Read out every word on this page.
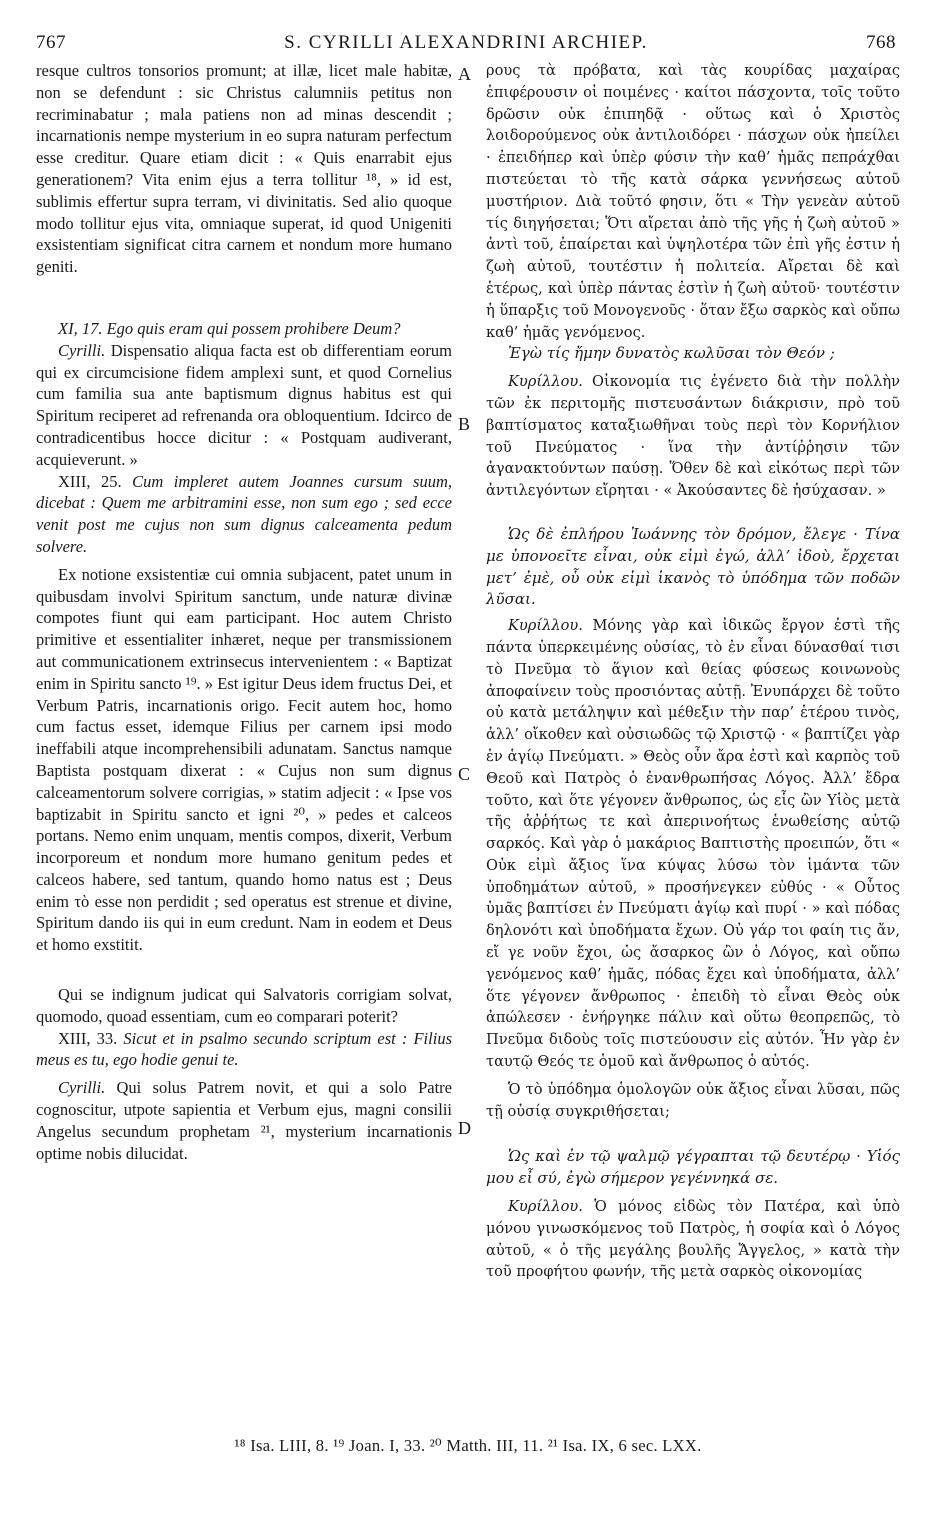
767	S. CYRILLI ALEXANDRINI ARCHIEP.	768
A
B
C
D

resque cultros tonsorios promunt; at illæ, licet male habitæ, non se defendunt : sic Christus calumniis petitus non recriminabatur ; mala patiens non ad minas descendit ; incarnationis nempe mysterium in eo supra naturam perfectum esse creditur. Quare etiam dicit : « Quis enarrabit ejus generationem? Vita enim ejus a terra tollitur ¹⁸, » id est, sublimis effertur supra terram, vi divinitatis. Sed alio quoque modo tollitur ejus vita, omniaque superat, id quod Unigeniti exsistentiam significat citra carnem et nondum more humano geniti.

XI, 17. Ego quis eram qui possem prohibere Deum?

Cyrilli. Dispensatio aliqua facta est ob differentiam eorum qui ex circumcisione fidem amplexi sunt, et quod Cornelius cum familia sua ante baptismum dignus habitus est qui Spiritum reciperet ad refrenanda ora obloquentium. Idcirco de contradicentibus hocce dicitur : « Postquam audiverant, acquieverunt. »

XIII, 25. Cum impleret autem Joannes cursum suum, dicebat : Quem me arbitramini esse, non sum ego ; sed ecce venit post me cujus non sum dignus calceamenta pedum solvere.

Ex notione exsistentiæ cui omnia subjacent, patet unum in quibusdam involvi Spiritum sanctum, unde naturæ divinæ compotes fiunt qui eam participant. Hoc autem Christo primitive et essentialiter inhæret, neque per transmissionem aut communicationem extrinsecus intervenientem : « Baptizat enim in Spiritu sancto ¹⁹. » Est igitur Deus idem fructus Dei, et Verbum Patris, incarnationis origo. Fecit autem hoc, homo cum factus esset, idemque Filius per carnem ipsi modo ineffabili atque incomprehensibili adunatam. Sanctus namque Baptista postquam dixerat : « Cujus non sum dignus calceamentorum solvere corrigias, » statim adjecit : « Ipse vos baptizabit in Spiritu sancto et igni ²⁰, » pedes et calceos portans. Nemo enim unquam, mentis compos, dixerit, Verbum incorporeum et nondum more humano genitum pedes et calceos habere, sed tantum, quando homo natus est ; Deus enim τὸ esse non perdidit ; sed operatus est strenue et divine, Spiritum dando iis qui in eum credunt. Nam in eodem et Deus et homo exstitit.

Qui se indignum judicat qui Salvatoris corrigiam solvat, quomodo, quoad essentiam, cum eo comparari poterit?

XIII, 33. Sicut et in psalmo secundo scriptum est : Filius meus es tu, ego hodie genui te.

Cyrilli. Qui solus Patrem novit, et qui a solo Patre cognoscitur, utpote sapientia et Verbum ejus, magni consilii Angelus secundum prophetam ²¹, mysterium incarnationis optime nobis dilucidat.

ρους τὰ πρόβατα, καὶ τὰς κουρίδας μαχαίρας ἐπιφέρουσιν οἱ ποιμένες · καίτοι πάσχοντα, τοῖς τοῦτο δρῶσιν οὐκ ἐπιπηδᾷ · οὕτως καὶ ὁ Χριστὸς λοιδορούμενος οὐκ ἀντιλοιδόρει · πάσχων οὐκ ἠπείλει · ἐπειδήπερ καὶ ὑπὲρ φύσιν τὴν καθ’ ἡμᾶς πεπράχθαι πιστεύεται τὸ τῆς κατὰ σάρκα γεννήσεως αὐτοῦ μυστήριον. Διὰ τοῦτό φησιν, ὅτι « Τὴν γενεὰν αὐτοῦ τίς διηγήσεται; Ὅτι αἴρεται ἀπὸ τῆς γῆς ἡ ζωὴ αὐτοῦ » ἀντὶ τοῦ, ἐπαίρεται καὶ ὑψηλοτέρα τῶν ἐπὶ γῆς ἐστιν ἡ ζωὴ αὐτοῦ, τουτέστιν ἡ πολιτεία. Αἴρεται δὲ καὶ ἑτέρως, καὶ ὑπὲρ πάντας ἐστὶν ἡ ζωὴ αὐτοῦ· τουτέστιν ἡ ὕπαρξις τοῦ Μονογενοῦς · ὅταν ἔξω σαρκὸς καὶ οὔπω καθ’ ἡμᾶς γενόμενος.

Ἐγὼ τίς ἤμην δυνατὸς κωλῦσαι τὸν Θεόν ;

Κυρίλλου. Οἰκονομία τις ἐγένετο διὰ τὴν πολλὴν τῶν ἐκ περιτομῆς πιστευσάντων διάκρισιν, πρὸ τοῦ βαπτίσματος καταξιωθῆναι τοὺς περὶ τὸν Κορνήλιον τοῦ Πνεύματος · ἵνα τὴν ἀντίῤῥησιν τῶν ἀγανακτούντων παύσῃ. Ὅθεν δὲ καὶ εἰκότως περὶ τῶν ἀντιλεγόντων εἴρηται · « Ἀκούσαντες δὲ ἡσύχασαν. »

Ὡς δὲ ἐπλήρου Ἰωάννης τὸν δρόμον, ἔλεγε · Τίνα με ὑπονοεῖτε εἶναι, οὐκ εἰμὶ ἐγώ, ἀλλ’ ἰδοὺ, ἔρχεται μετ’ ἐμὲ, οὗ οὐκ εἰμὶ ἱκανὸς τὸ ὑπόδημα τῶν ποδῶν λῦσαι.

Κυρίλλου. Μόνης γὰρ καὶ ἰδικῶς ἔργον ἐστὶ τῆς πάντα ὑπερκειμένης οὐσίας, τὸ ἐν εἶναι δύνασθαί τισι τὸ Πνεῦμα τὸ ἅγιον καὶ θείας φύσεως κοινωνοὺς ἀποφαίνειν τοὺς προσιόντας αὐτῇ. Ἐνυπάρχει δὲ τοῦτο οὐ κατὰ μετάληψιν καὶ μέθεξιν τὴν παρ’ ἑτέρου τινὸς, ἀλλ’ οἴκοθεν καὶ οὐσιωδῶς τῷ Χριστῷ · « βαπτίζει γὰρ ἐν ἁγίῳ Πνεύματι. » Θεὸς οὖν ἄρα ἐστὶ καὶ καρπὸς τοῦ Θεοῦ καὶ Πατρὸς ὁ ἐνανθρωπήσας Λόγος. Ἀλλ’ ἔδρα τοῦτο, καὶ ὅτε γέγονεν ἄνθρωπος, ὡς εἷς ὢν Υἱὸς μετὰ τῆς ἀῤῥήτως τε καὶ ἀπερινοήτως ἑνωθείσης αὐτῷ σαρκός. Καὶ γὰρ ὁ μακάριος Βαπτιστὴς προειπών, ὅτι « Οὐκ εἰμὶ ἄξιος ἵνα κύψας λύσω τὸν ἱμάντα τῶν ὑποδημάτων αὐτοῦ, » προσήνεγκεν εὐθύς · « Οὗτος ὑμᾶς βαπτίσει ἐν Πνεύματι ἁγίῳ καὶ πυρί · » καὶ πόδας δηλονότι καὶ ὑποδήματα ἔχων. Οὐ γάρ τοι φαίη τις ἄν, εἴ γε νοῦν ἔχοι, ὡς ἄσαρκος ὢν ὁ Λόγος, καὶ οὔπω γενόμενος καθ’ ἡμᾶς, πόδας ἔχει καὶ ὑποδήματα, ἀλλ’ ὅτε γέγονεν ἄνθρωπος · ἐπειδὴ τὸ εἶναι Θεὸς οὐκ ἀπώλεσεν · ἐνήργηκε πάλιν καὶ οὕτω θεοπρεπῶς, τὸ Πνεῦμα διδοὺς τοῖς πιστεύουσιν εἰς αὐτόν. Ἦν γὰρ ἐν ταυτῷ Θεός τε ὁμοῦ καὶ ἄνθρωπος ὁ αὐτός.

Ὁ τὸ ὑπόδημα ὁμολογῶν οὐκ ἄξιος εἶναι λῦσαι, πῶς τῇ οὐσίᾳ συγκριθήσεται;

Ὡς καὶ ἐν τῷ ψαλμῷ γέγραπται τῷ δευτέρῳ · Υἱός μου εἶ σύ, ἐγὼ σήμερον γεγέννηκά σε.

Κυρίλλου. Ὁ μόνος εἰδὼς τὸν Πατέρα, καὶ ὑπὸ μόνου γινωσκόμενος τοῦ Πατρὸς, ἡ σοφία καὶ ὁ Λόγος αὐτοῦ, « ὁ τῆς μεγάλης βουλῆς Ἄγγελος, » κατὰ τὴν τοῦ προφήτου φωνήν, τῆς μετὰ σαρκὸς οἰκονομίας

¹⁸ Isa. LIII, 8. ¹⁹ Joan. I, 33. ²⁰ Matth. III, 11. ²¹ Isa. IX, 6 sec. LXX.
